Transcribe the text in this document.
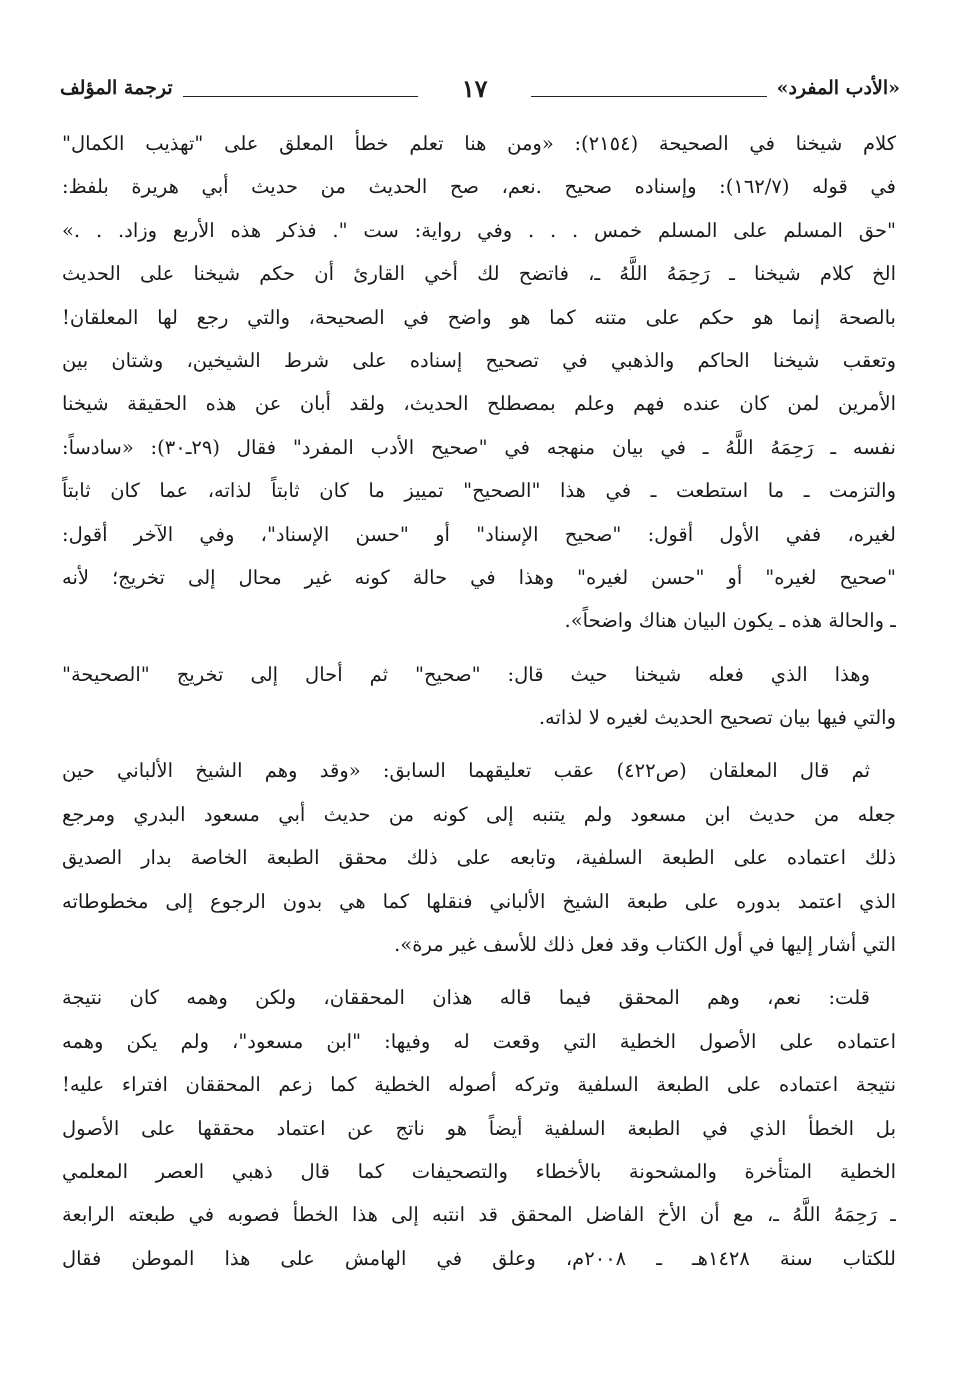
«الأدب المفرد»
١٧
ترجمة المؤلف

كلام شيخنا في الصحيحة (٢١٥٤): «ومن هنا تعلم خطأ المعلق على "تهذيب الكمال"
في قوله (١٦٢/٧): وإسناده صحيح .نعم، صح الحديث من حديث أبي هريرة بلفظ:
"حق المسلم على المسلم خمس . . . وفي رواية: ست ". فذكر هذه الأربع وزاد. . .»
الخ كلام شيخنا ـ رَحِمَهُ اللَّهُ ـ، فاتضح لك أخي القارئ أن حكم شيخنا على الحديث
بالصحة إنما هو حكم على متنه كما هو واضح في الصحيحة، والتي رجع لها المعلقان!
وتعقب شيخنا الحاكم والذهبي في تصحيح إسناده على شرط الشيخين، وشتان بين
الأمرين لمن كان عنده فهم وعلم بمصطلح الحديث، ولقد أبان عن هذه الحقيقة شيخنا
نفسه ـ رَحِمَهُ اللَّهُ ـ في بيان منهجه في "صحيح الأدب المفرد" فقال (٢٩ـ٣٠): «سادساً:
والتزمت ـ ما استطعت ـ في هذا "الصحيح" تمييز ما كان ثابتاً لذاته، عما كان ثابتاً
لغيره، ففي الأول أقول: "صحيح الإسناد" أو "حسن الإسناد"، وفي الآخر أقول:
"صحيح لغيره" أو "حسن لغيره" وهذا في حالة كونه غير محال إلى تخريج؛ لأنه
ـ والحالة هذه ـ يكون البيان هناك واضحاً».

وهذا الذي فعله شيخنا حيث قال: "صحيح" ثم أحال إلى تخريج "الصحيحة"
والتي فيها بيان تصحيح الحديث لغيره لا لذاته.

ثم قال المعلقان (ص٤٢٢) عقب تعليقهما السابق: «وقد وهم الشيخ الألباني حين
جعله من حديث ابن مسعود ولم يتنبه إلى كونه من حديث أبي مسعود البدري ومرجع
ذلك اعتماده على الطبعة السلفية، وتابعه على ذلك محقق الطبعة الخاصة بدار الصديق
الذي اعتمد بدوره على طبعة الشيخ الألباني فنقلها كما هي بدون الرجوع إلى مخطوطاته
التي أشار إليها في أول الكتاب وقد فعل ذلك للأسف غير مرة».

قلت: نعم، وهم المحقق فيما قاله هذان المحققان، ولكن وهمه كان نتيجة
اعتماده على الأصول الخطية التي وقعت له وفيها: "ابن مسعود"، ولم يكن وهمه
نتيجة اعتماده على الطبعة السلفية وتركه أصوله الخطية كما زعم المحققان افتراء عليه!
بل الخطأ الذي في الطبعة السلفية أيضاً هو ناتج عن اعتماد محققها على الأصول
الخطية المتأخرة والمشحونة بالأخطاء والتصحيفات كما قال ذهبي العصر المعلمي
ـ رَحِمَهُ اللَّهُ ـ، مع أن الأخ الفاضل المحقق قد انتبه إلى هذا الخطأ فصوبه في طبعته الرابعة
للكتاب سنة ١٤٢٨هـ ـ ٢٠٠٨م، وعلق في الهامش على هذا الموطن فقال
